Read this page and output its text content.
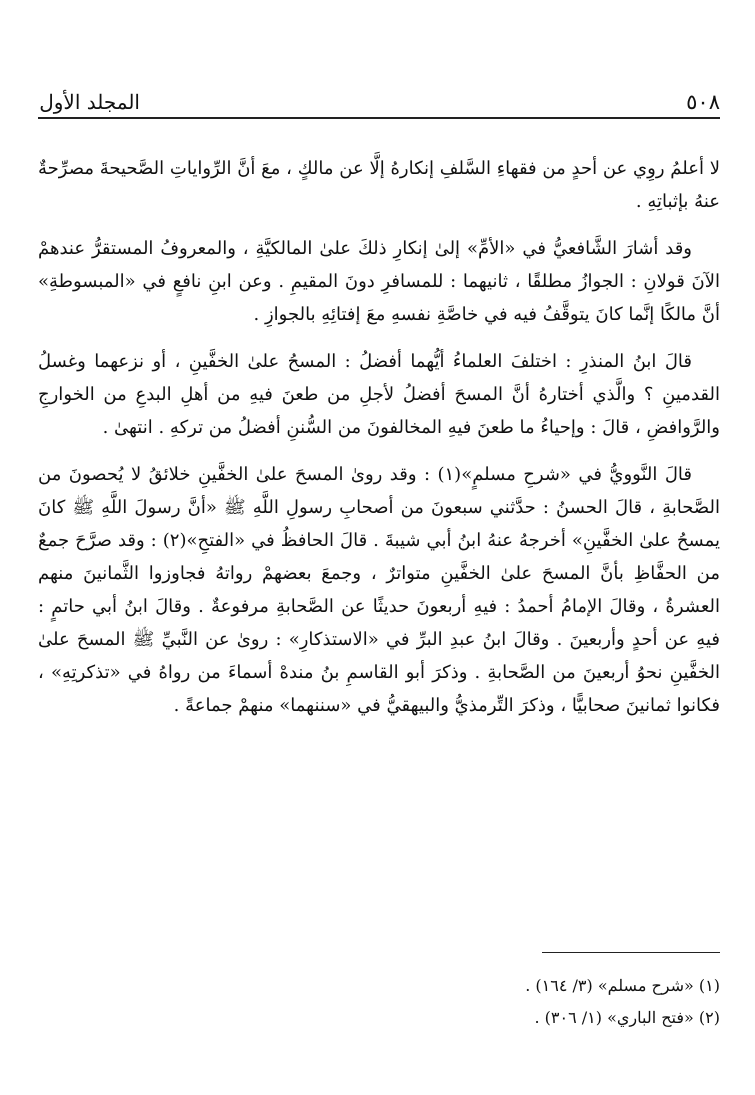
٥٠٨
المجلد الأول

لا أعلمُ روِي عن أحدٍ من فقهاءِ السَّلفِ إنكارهُ إلَّا عن مالكٍ ، معَ أنَّ الرِّواياتِ الصَّحيحةَ مصرِّحةٌ عنهُ بإثباتِهِ .

وقد أشارَ الشَّافعيُّ في «الأمِّ» إلىٰ إنكارِ ذلكَ علىٰ المالكيَّةِ ، والمعروفُ المستقرُّ عندهمْ الآنَ قولانِ : الجوازُ مطلقًا ، ثانيهما : للمسافرِ دونَ المقيمِ . وعن ابنِ نافعٍ في «المبسوطةِ» أنَّ مالكًا إنَّما كانَ يتوقَّفُ فيه في خاصَّةِ نفسهِ معَ إفتائِهِ بالجوازِ .

قالَ ابنُ المنذرِ : اختلفَ العلماءُ أيُّهما أفضلُ : المسحُ علىٰ الخفَّينِ ، أو نزعهما وغسلُ القدمينِ ؟ والَّذي أختارهُ أنَّ المسحَ أفضلُ لأجلِ من طعنَ فيهِ من أهلِ البدعِ من الخوارجِ والرَّوافضِ ، قالَ : وإحياءُ ما طعنَ فيهِ المخالفونَ من السُّننِ أفضلُ من تركهِ . انتهىٰ .

قالَ النَّوويُّ في «شرحِ مسلمٍ»(١) : وقد روىٰ المسحَ علىٰ الخفَّينِ خلائقُ لا يُحصونَ من الصَّحابةِ ، قالَ الحسنُ : حدَّثني سبعونَ من أصحابِ رسولِ اللَّهِ ﷺ «أنَّ رسولَ اللَّهِ ﷺ كانَ يمسحُ علىٰ الخفَّينِ» أخرجهُ عنهُ ابنُ أبي شيبةَ . قالَ الحافظُ في «الفتحِ»(٢) : وقد صرَّحَ جمعٌ من الحفَّاظِ بأنَّ المسحَ علىٰ الخفَّينِ متواترٌ ، وجمعَ بعضهمْ رواتهُ فجاوزوا الثَّمانينَ منهم العشرةُ ، وقالَ الإمامُ أحمدُ : فيهِ أربعونَ حديثًا عن الصَّحابةِ مرفوعةٌ . وقالَ ابنُ أبي حاتمٍ : فيهِ عن أحدٍ وأربعينَ . وقالَ ابنُ عبدِ البرِّ في «الاستذكارِ» : روىٰ عن النَّبيِّ ﷺ المسحَ علىٰ الخفَّينِ نحوُ أربعينَ من الصَّحابةِ . وذكرَ أبو القاسمِ بنُ مندهْ أسماءَ من رواهُ في «تذكرتِهِ» ، فكانوا ثمانينَ صحابيًّا ، وذكرَ التِّرمذيُّ والبيهقيُّ في «سننهما» منهمْ جماعةً .

(١) «شرح مسلم» (٣/ ١٦٤) .

(٢) «فتح الباري» (١/ ٣٠٦) .
